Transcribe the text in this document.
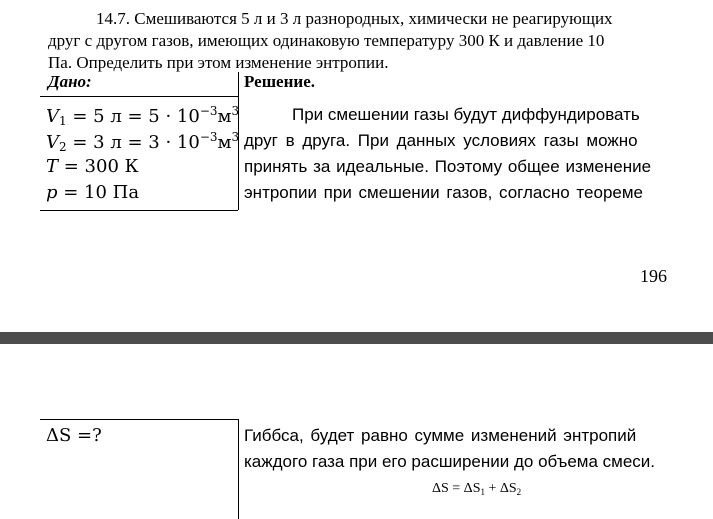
14.7. Смешиваются 5 л и 3 л разнородных, химически не реагирующих
друг с другом газов, имеющих одинаковую температуру 300 К и давление 10
Па. Определить при этом изменение энтропии.
Дано:	Решение.
$V_1 = 5$ $л = 5 \cdot 10^{-3}м^3$
$V_2 = 3$ $л = 3 \cdot 10^{-3}м^3$
T = 300 К
p = 10 Па
При смешении газы будут диффундировать
друг в друга. При данных условиях газы можно
принять за идеальные. Поэтому общее изменение
энтропии при смешении газов, согласно теореме
196
ΔS =?	Гиббса, будет равно сумме изменений энтропий
каждого газа при его расширении до объема смеси.
$\Delta S = \Delta S_1 + \Delta S_2$
